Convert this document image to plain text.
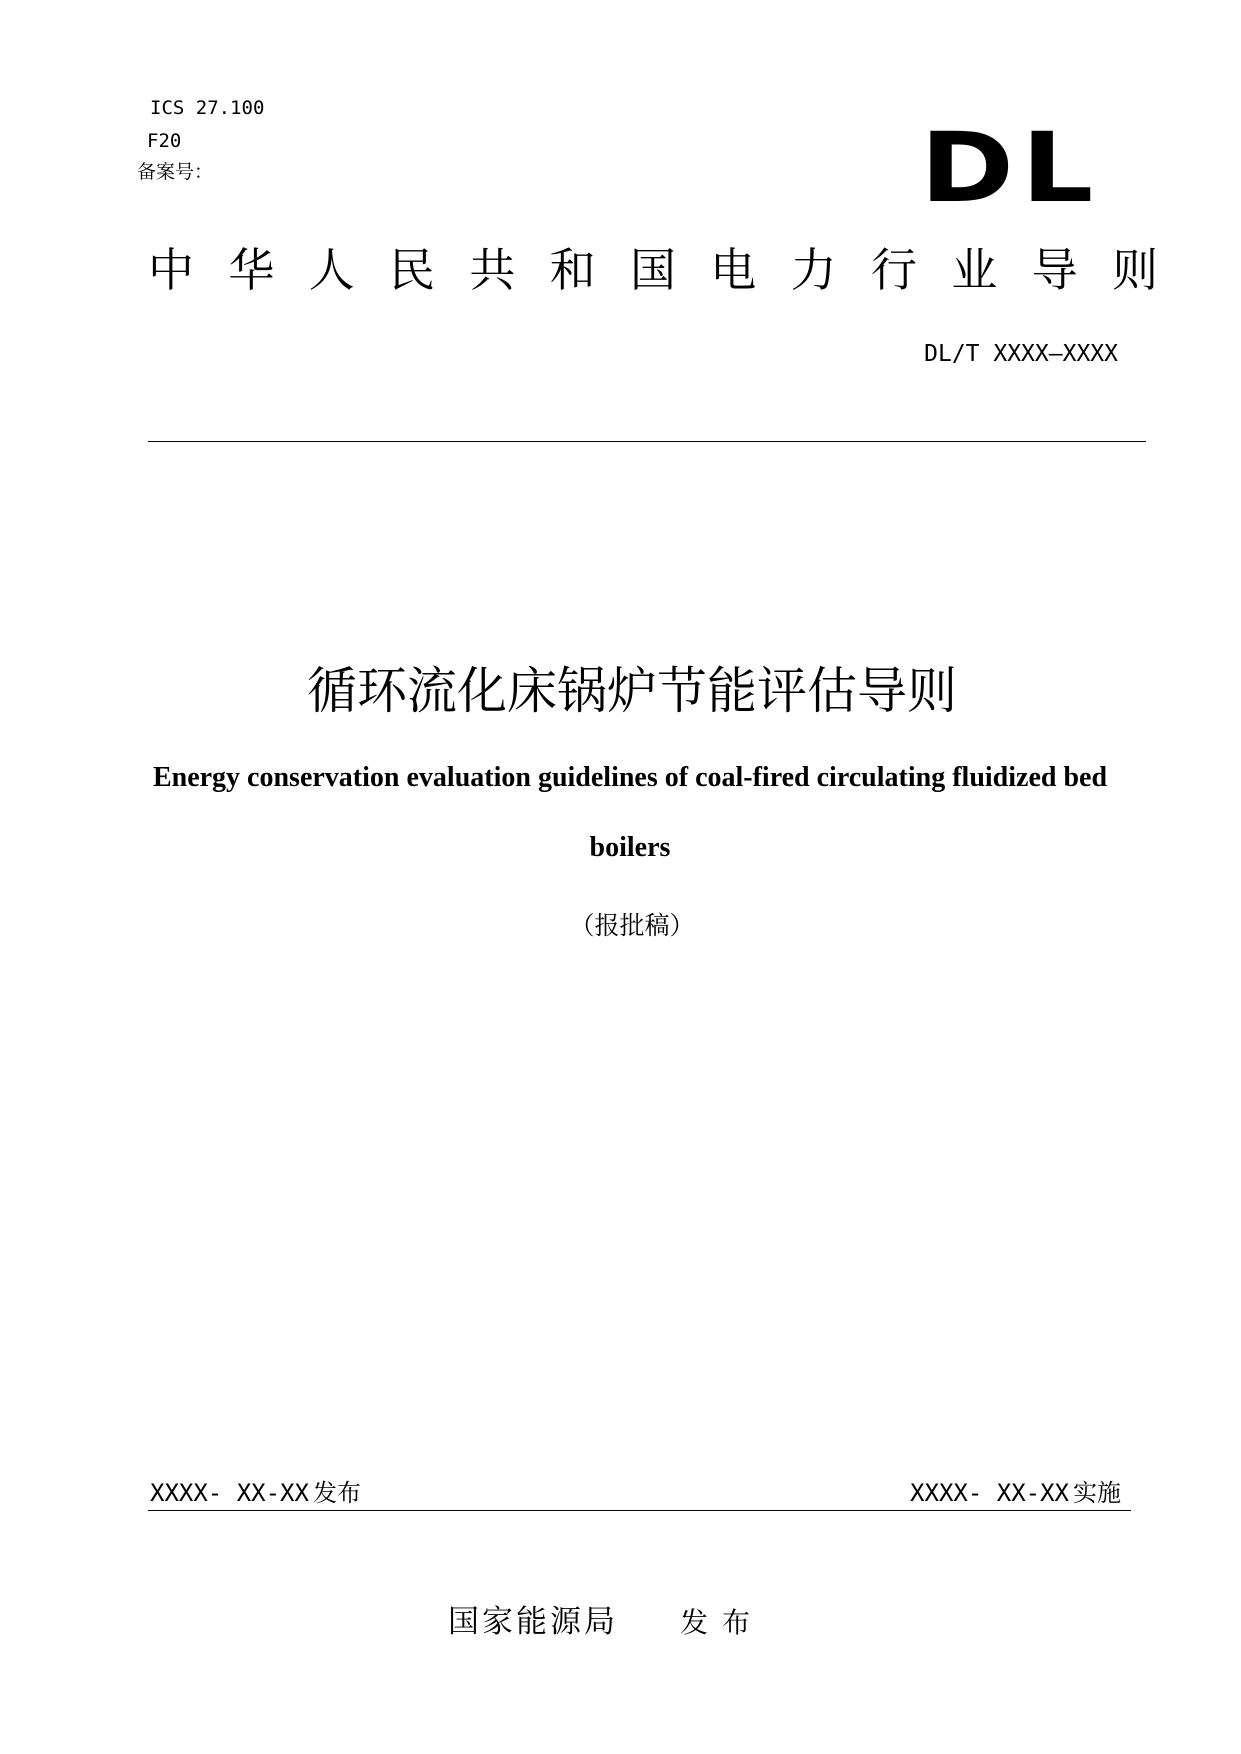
ICS 27.100
F20
备案号：	DL
中 华 人 民 共 和 国 电 力 行 业 导 则
DL/T XXXX—XXXX
循环流化床锅炉节能评估导则
Energy conservation evaluation guidelines of coal-fired circulating fluidized bed boilers
（报批稿）
XXXX- XX-XX 发布	XXXX- XX-XX 实施
国家能源局 发布
